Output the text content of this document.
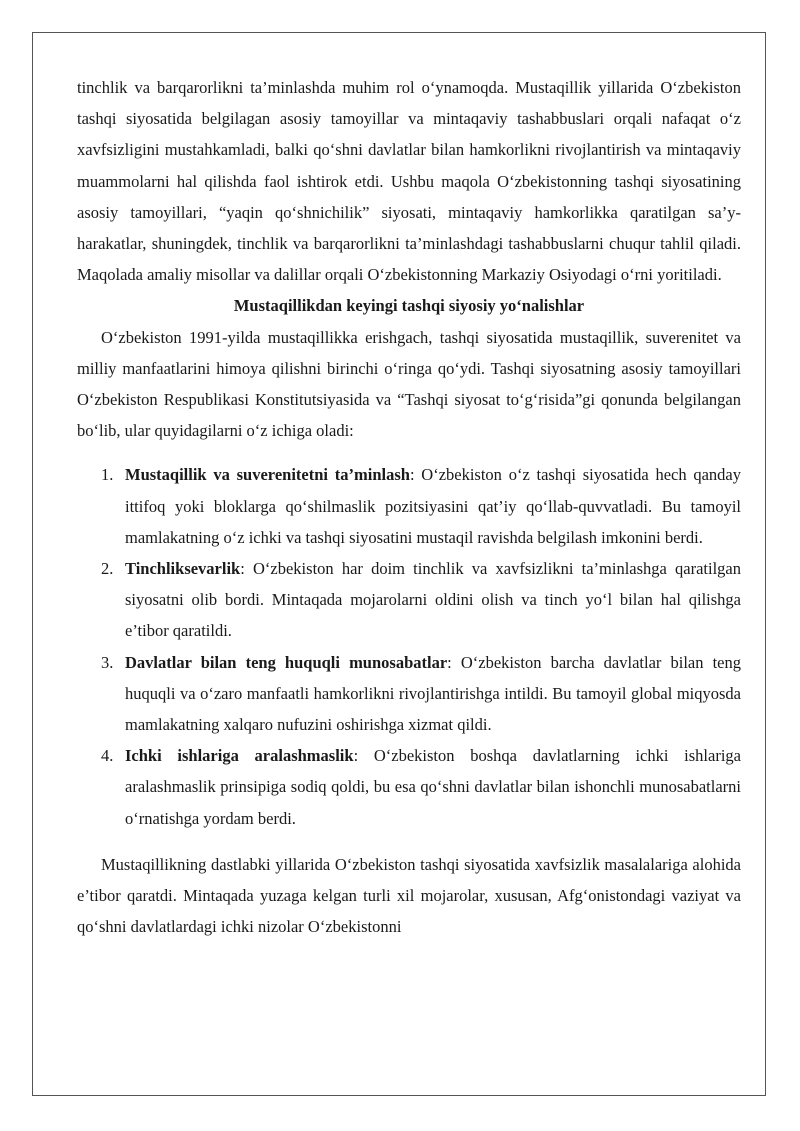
tinchlik va barqarorlikni ta’minlashda muhim rol o‘ynamoqda. Mustaqillik yillarida O‘zbekiston tashqi siyosatida belgilagan asosiy tamoyillar va mintaqaviy tashabbuslari orqali nafaqat o‘z xavfsizligini mustahkamladi, balki qo‘shni davlatlar bilan hamkorlikni rivojlantirish va mintaqaviy muammolarni hal qilishda faol ishtirok etdi. Ushbu maqola O‘zbekistonning tashqi siyosatining asosiy tamoyillari, “yaqin qo‘shnichilik” siyosati, mintaqaviy hamkorlikka qaratilgan sa’y-harakatlar, shuningdek, tinchlik va barqarorlikni ta’minlashdagi tashabbuslarni chuqur tahlil qiladi. Maqolada amaliy misollar va dalillar orqali O‘zbekistonning Markaziy Osiyodagi o‘rni yoritiladi.

Mustaqillikdan keyingi tashqi siyosiy yo‘nalishlar

O‘zbekiston 1991-yilda mustaqillikka erishgach, tashqi siyosatida mustaqillik, suverenitet va milliy manfaatlarini himoya qilishni birinchi o‘ringa qo‘ydi. Tashqi siyosatning asosiy tamoyillari O‘zbekiston Respublikasi Konstitutsiyasida va “Tashqi siyosat to‘g‘risida”gi qonunda belgilangan bo‘lib, ular quyidagilarni o‘z ichiga oladi:

1. Mustaqillik va suverenitetni ta’minlash: O‘zbekiston o‘z tashqi siyosatida hech qanday ittifoq yoki bloklarga qo‘shilmaslik pozitsiyasini qat’iy qo‘llab-quvvatladi. Bu tamoyil mamlakatning o‘z ichki va tashqi siyosatini mustaqil ravishda belgilash imkonini berdi.
2. Tinchliksevarlik: O‘zbekiston har doim tinchlik va xavfsizlikni ta’minlashga qaratilgan siyosatni olib bordi. Mintaqada mojarolarni oldini olish va tinch yo‘l bilan hal qilishga e’tibor qaratildi.
3. Davlatlar bilan teng huquqli munosabatlar: O‘zbekiston barcha davlatlar bilan teng huquqli va o‘zaro manfaatli hamkorlikni rivojlantirishga intildi. Bu tamoyil global miqyosda mamlakatning xalqaro nufuzini oshirishga xizmat qildi.
4. Ichki ishlariga aralashmaslik: O‘zbekiston boshqa davlatlarning ichki ishlariga aralashmaslik prinsipiga sodiq qoldi, bu esa qo‘shni davlatlar bilan ishonchli munosabatlarni o‘rnatishga yordam berdi.

Mustaqillikning dastlabki yillarida O‘zbekiston tashqi siyosatida xavfsizlik masalalariga alohida e’tibor qaratdi. Mintaqada yuzaga kelgan turli xil mojarolar, xususan, Afg‘onistondagi vaziyat va qo‘shni davlatlardagi ichki nizolar O‘zbekistonni
